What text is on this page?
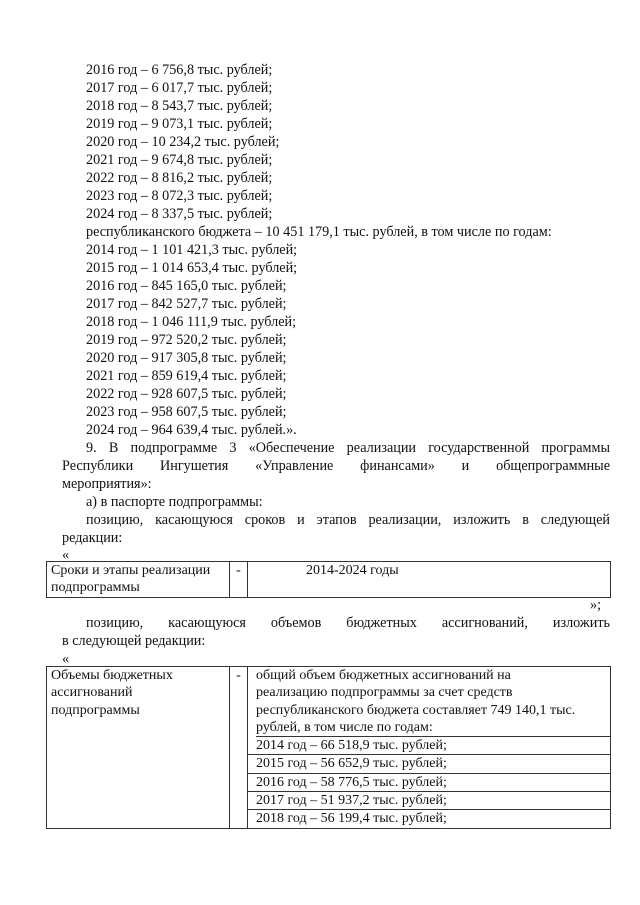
2016 год – 6 756,8 тыс. рублей;
2017 год – 6 017,7 тыс. рублей;
2018 год – 8 543,7 тыс. рублей;
2019 год – 9 073,1 тыс. рублей;
2020 год – 10 234,2 тыс. рублей;
2021 год – 9 674,8 тыс. рублей;
2022 год – 8 816,2 тыс. рублей;
2023 год – 8 072,3 тыс. рублей;
2024 год – 8 337,5 тыс. рублей;
республиканского бюджета – 10 451 179,1 тыс. рублей, в том числе по годам:
2014 год – 1 101 421,3 тыс. рублей;
2015 год – 1 014 653,4 тыс. рублей;
2016 год – 845 165,0 тыс. рублей;
2017 год – 842 527,7 тыс. рублей;
2018 год – 1 046 111,9 тыс. рублей;
2019 год – 972 520,2 тыс. рублей;
2020 год – 917 305,8 тыс. рублей;
2021 год – 859 619,4 тыс. рублей;
2022 год – 928 607,5 тыс. рублей;
2023 год – 958 607,5 тыс. рублей;
2024 год – 964 639,4 тыс. рублей.».
9. В подпрограмме 3 «Обеспечение реализации государственной программы
Республики Ингушетия «Управление финансами» и общепрограммные
мероприятия»:
а) в паспорте подпрограммы:
позицию, касающуюся сроков и этапов реализации, изложить в следующей
редакции:
«
Сроки и этапы реализации
подпрограммы
	-	2014-2024 годы
»;
позицию, касающуюся объемов бюджетных ассигнований, изложить
в следующей редакции:
«
Объемы бюджетных
ассигнований
подпрограммы
	-	общий объем бюджетных ассигнований на
реализацию подпрограммы за счет средств
республиканского бюджета составляет 749 140,1 тыс.
рублей, в том числе по годам:
2014 год – 66 518,9 тыс. рублей;
2015 год – 56 652,9 тыс. рублей;
2016 год – 58 776,5 тыс. рублей;
2017 год – 51 937,2 тыс. рублей;
2018 год – 56 199,4 тыс. рублей;
